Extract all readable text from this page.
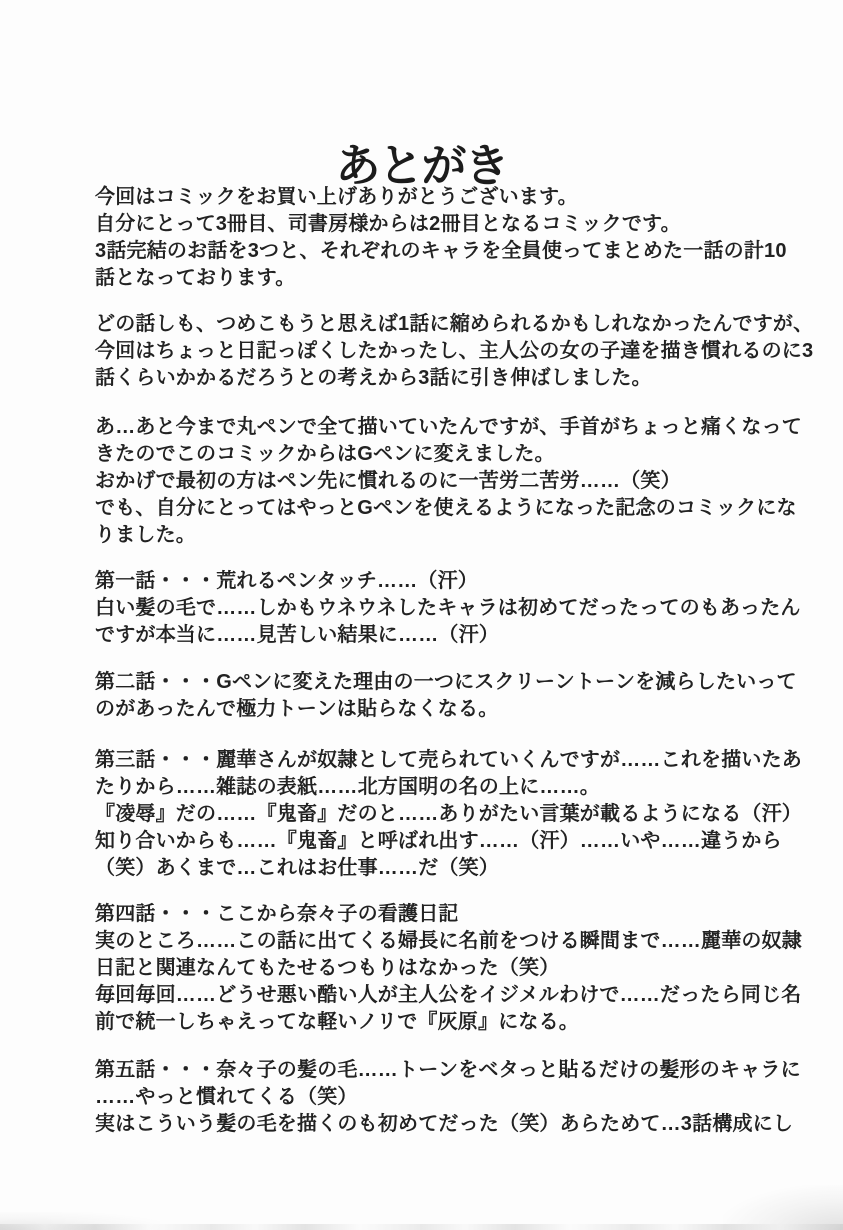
あとがき
今回はコミックをお買い上げありがとうございます。
自分にとって3冊目、司書房様からは2冊目となるコミックです。
3話完結のお話を3つと、それぞれのキャラを全員使ってまとめた一話の計10
話となっております。
どの話しも、つめこもうと思えば1話に縮められるかもしれなかったんですが、
今回はちょっと日記っぽくしたかったし、主人公の女の子達を描き慣れるのに3
話くらいかかるだろうとの考えから3話に引き伸ばしました。
あ…あと今まで丸ペンで全て描いていたんですが、手首がちょっと痛くなって
きたのでこのコミックからはGペンに変えました。
おかげで最初の方はペン先に慣れるのに一苦労二苦労……（笑）
でも、自分にとってはやっとGペンを使えるようになった記念のコミックにな
りました。
第一話・・・荒れるペンタッチ……（汗）
白い髪の毛で……しかもウネウネしたキャラは初めてだったってのもあったん
ですが本当に……見苦しい結果に……（汗）
第二話・・・Gペンに変えた理由の一つにスクリーントーンを減らしたいって
のがあったんで極力トーンは貼らなくなる。
第三話・・・麗華さんが奴隷として売られていくんですが……これを描いたあ
たりから……雑誌の表紙……北方国明の名の上に……。
『凌辱』だの……『鬼畜』だのと……ありがたい言葉が載るようになる（汗）
知り合いからも……『鬼畜』と呼ばれ出す……（汗）……いや……違うから
（笑）あくまで…これはお仕事……だ（笑）
第四話・・・ここから奈々子の看護日記
実のところ……この話に出てくる婦長に名前をつける瞬間まで……麗華の奴隷
日記と関連なんてもたせるつもりはなかった（笑）
毎回毎回……どうせ悪い酷い人が主人公をイジメルわけで……だったら同じ名
前で統一しちゃえってな軽いノリで『灰原』になる。
第五話・・・奈々子の髪の毛……トーンをベタっと貼るだけの髪形のキャラに
……やっと慣れてくる（笑）
実はこういう髪の毛を描くのも初めてだった（笑）あらためて…3話構成にし
